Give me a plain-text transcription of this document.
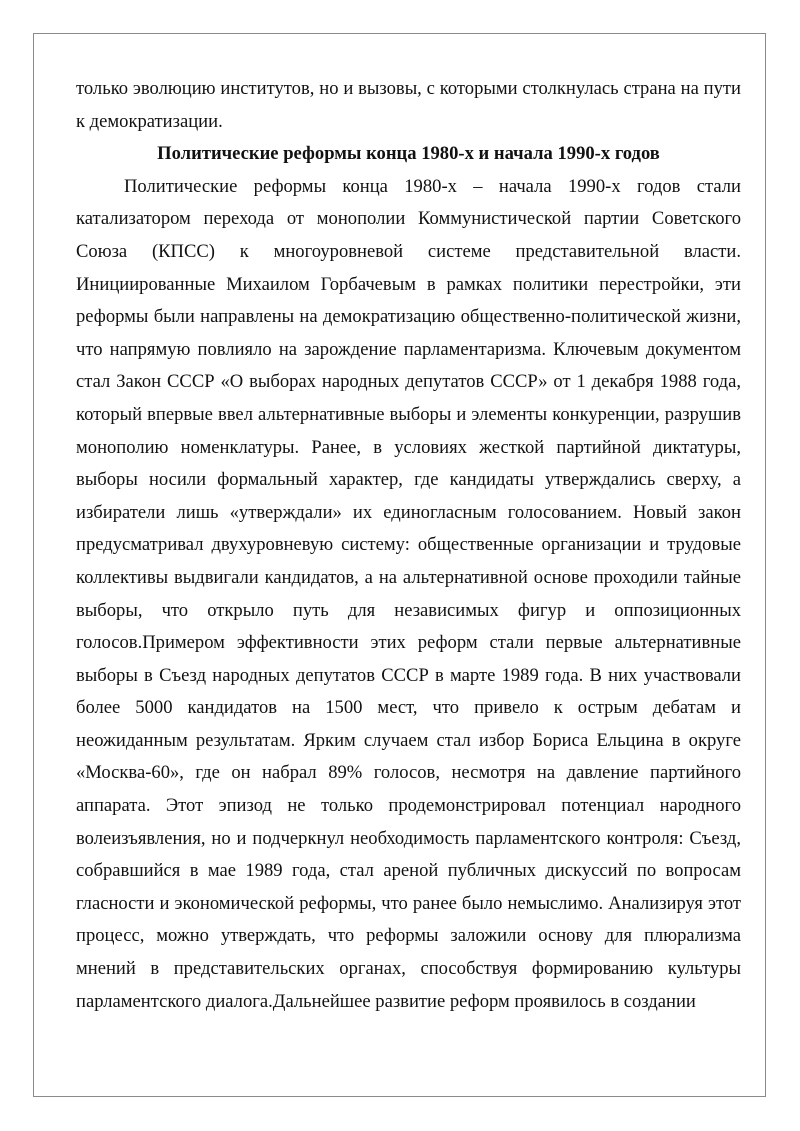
только эволюцию институтов, но и вызовы, с которыми столкнулась страна на пути к демократизации.

Политические реформы конца 1980-х и начала 1990-х годов

Политические реформы конца 1980-х – начала 1990-х годов стали катализатором перехода от монополии Коммунистической партии Советского Союза (КПСС) к многоуровневой системе представительной власти. Инициированные Михаилом Горбачевым в рамках политики перестройки, эти реформы были направлены на демократизацию общественно-политической жизни, что напрямую повлияло на зарождение парламентаризма. Ключевым документом стал Закон СССР «О выборах народных депутатов СССР» от 1 декабря 1988 года, который впервые ввел альтернативные выборы и элементы конкуренции, разрушив монополию номенклатуры. Ранее, в условиях жесткой партийной диктатуры, выборы носили формальный характер, где кандидаты утверждались сверху, а избиратели лишь «утверждали» их единогласным голосованием. Новый закон предусматривал двухуровневую систему: общественные организации и трудовые коллективы выдвигали кандидатов, а на альтернативной основе проходили тайные выборы, что открыло путь для независимых фигур и оппозиционных голосов.Примером эффективности этих реформ стали первые альтернативные выборы в Съезд народных депутатов СССР в марте 1989 года. В них участвовали более 5000 кандидатов на 1500 мест, что привело к острым дебатам и неожиданным результатам. Ярким случаем стал избор Бориса Ельцина в округе «Москва-60», где он набрал 89% голосов, несмотря на давление партийного аппарата. Этот эпизод не только продемонстрировал потенциал народного волеизъявления, но и подчеркнул необходимость парламентского контроля: Съезд, собравшийся в мае 1989 года, стал ареной публичных дискуссий по вопросам гласности и экономической реформы, что ранее было немыслимо. Анализируя этот процесс, можно утверждать, что реформы заложили основу для плюрализма мнений в представительских органах, способствуя формированию культуры парламентского диалога.Дальнейшее развитие реформ проявилось в создании
